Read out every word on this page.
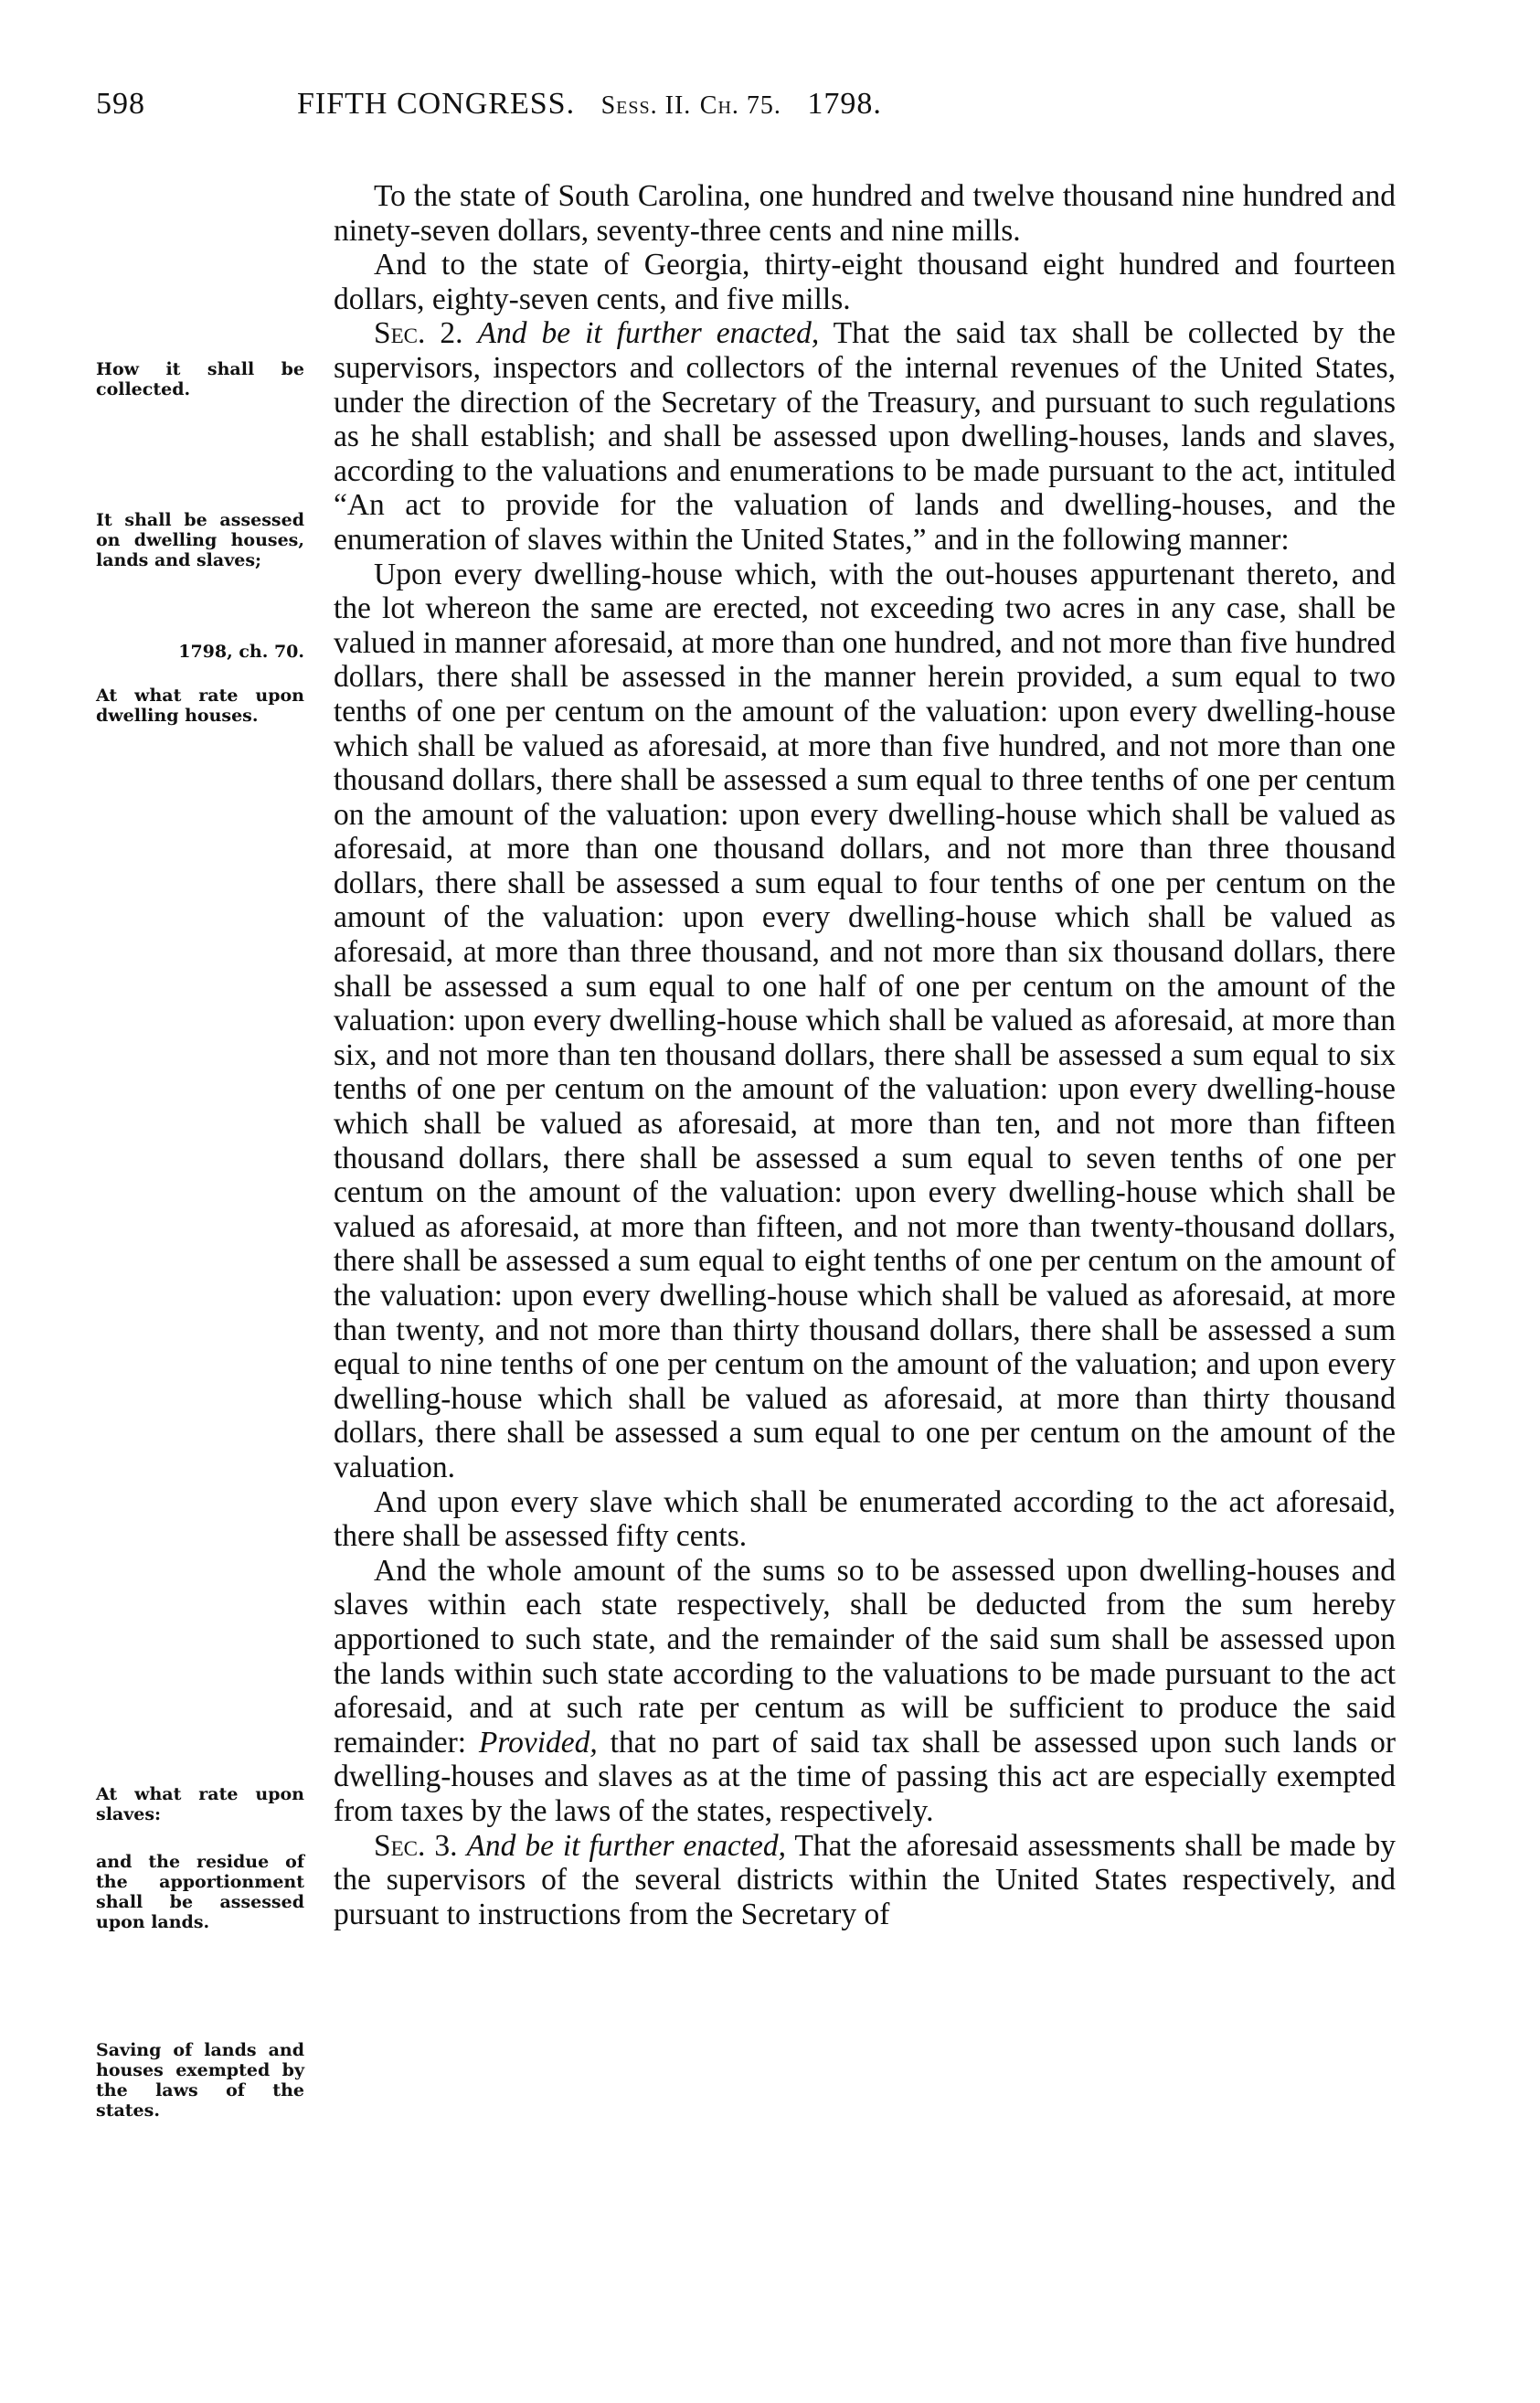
598	FIFTH CONGRESS. Sess. II. Ch. 75. 1798.
How it shall be collected.
It shall be assessed on dwelling houses, lands and slaves;
1798, ch. 70.
At what rate upon dwelling houses.
At what rate upon slaves:
and the residue of the apportionment shall be assessed upon lands.
Saving of lands and houses exempted by the laws of the states.

To the state of South Carolina, one hundred and twelve thousand nine hundred and ninety-seven dollars, seventy-three cents and nine mills.

And to the state of Georgia, thirty-eight thousand eight hundred and fourteen dollars, eighty-seven cents, and five mills.

Sec. 2. And be it further enacted, That the said tax shall be collected by the supervisors, inspectors and collectors of the internal revenues of the United States, under the direction of the Secretary of the Treasury, and pursuant to such regulations as he shall establish; and shall be assessed upon dwelling-houses, lands and slaves, according to the valuations and enumerations to be made pursuant to the act, intituled “An act to provide for the valuation of lands and dwelling-houses, and the enumeration of slaves within the United States,” and in the following manner:

Upon every dwelling-house which, with the out-houses appurtenant thereto, and the lot whereon the same are erected, not exceeding two acres in any case, shall be valued in manner aforesaid, at more than one hundred, and not more than five hundred dollars, there shall be assessed in the manner herein provided, a sum equal to two tenths of one per centum on the amount of the valuation: upon every dwelling-house which shall be valued as aforesaid, at more than five hundred, and not more than one thousand dollars, there shall be assessed a sum equal to three tenths of one per centum on the amount of the valuation: upon every dwelling-house which shall be valued as aforesaid, at more than one thousand dollars, and not more than three thousand dollars, there shall be assessed a sum equal to four tenths of one per centum on the amount of the valuation: upon every dwelling-house which shall be valued as aforesaid, at more than three thousand, and not more than six thousand dollars, there shall be assessed a sum equal to one half of one per centum on the amount of the valuation: upon every dwelling-house which shall be valued as aforesaid, at more than six, and not more than ten thousand dollars, there shall be assessed a sum equal to six tenths of one per centum on the amount of the valuation: upon every dwelling-house which shall be valued as aforesaid, at more than ten, and not more than fifteen thousand dollars, there shall be assessed a sum equal to seven tenths of one per centum on the amount of the valuation: upon every dwelling-house which shall be valued as aforesaid, at more than fifteen, and not more than twenty-thousand dollars, there shall be assessed a sum equal to eight tenths of one per centum on the amount of the valuation: upon every dwelling-house which shall be valued as aforesaid, at more than twenty, and not more than thirty thousand dollars, there shall be assessed a sum equal to nine tenths of one per centum on the amount of the valuation; and upon every dwelling-house which shall be valued as aforesaid, at more than thirty thousand dollars, there shall be assessed a sum equal to one per centum on the amount of the valuation.

And upon every slave which shall be enumerated according to the act aforesaid, there shall be assessed fifty cents.

And the whole amount of the sums so to be assessed upon dwelling-houses and slaves within each state respectively, shall be deducted from the sum hereby apportioned to such state, and the remainder of the said sum shall be assessed upon the lands within such state according to the valuations to be made pursuant to the act aforesaid, and at such rate per centum as will be sufficient to produce the said remainder: Provided, that no part of said tax shall be assessed upon such lands or dwelling-houses and slaves as at the time of passing this act are especially exempted from taxes by the laws of the states, respectively.

Sec. 3. And be it further enacted, That the aforesaid assessments shall be made by the supervisors of the several districts within the United States respectively, and pursuant to instructions from the Secretary of
